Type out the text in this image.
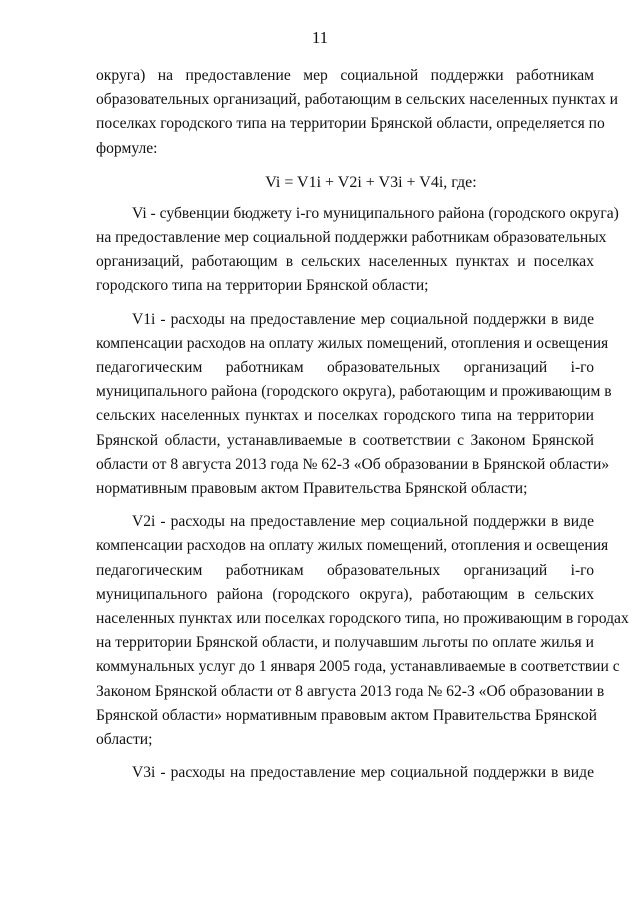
11

округа) на предоставление мер социальной поддержки работникам
образовательных организаций, работающим в сельских населенных пунктах и
поселках городского типа на территории Брянской области, определяется по
формуле:

Vi = V1i + V2i + V3i + V4i, где:

Vi - субвенции бюджету i-го муниципального района (городского округа)
на предоставление мер социальной поддержки работникам образовательных
организаций, работающим в сельских населенных пунктах и поселках
городского типа на территории Брянской области;

V1i - расходы на предоставление мер социальной поддержки в виде
компенсации расходов на оплату жилых помещений, отопления и освещения
педагогическим работникам образовательных организаций i-го
муниципального района (городского округа), работающим и проживающим в
сельских населенных пунктах и поселках городского типа на территории
Брянской области, устанавливаемые в соответствии с Законом Брянской
области от 8 августа 2013 года № 62-З «Об образовании в Брянской области»
нормативным правовым актом Правительства Брянской области;

V2i - расходы на предоставление мер социальной поддержки в виде
компенсации расходов на оплату жилых помещений, отопления и освещения
педагогическим работникам образовательных организаций i-го
муниципального района (городского округа), работающим в сельских
населенных пунктах или поселках городского типа, но проживающим в городах
на территории Брянской области, и получавшим льготы по оплате жилья и
коммунальных услуг до 1 января 2005 года, устанавливаемые в соответствии с
Законом Брянской области от 8 августа 2013 года № 62-З «Об образовании в
Брянской области» нормативным правовым актом Правительства Брянской
области;

V3i - расходы на предоставление мер социальной поддержки в виде
